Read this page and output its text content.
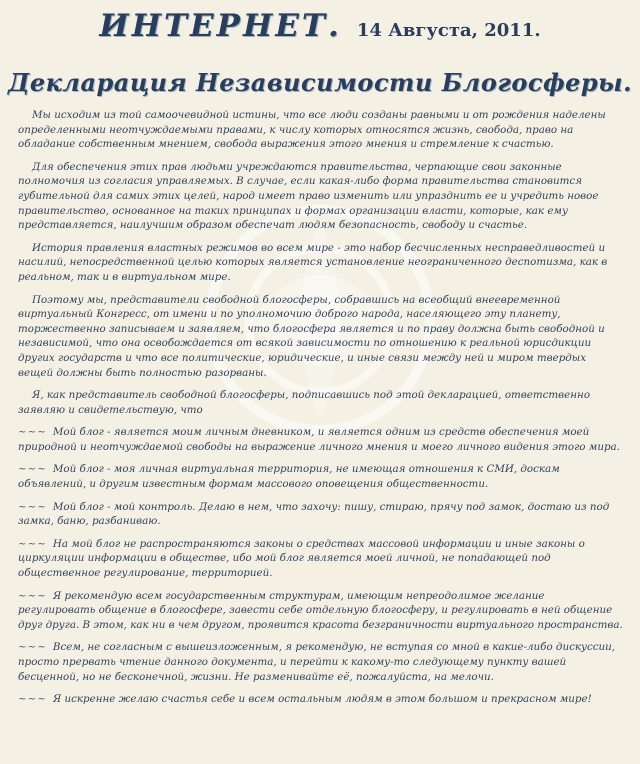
ИНТЕРНЕТ. 14 Августа, 2011.
Декларация Независимости Блогосферы.

Мы исходим из той самоочевидной истины, что все люди созданы равными и от рождения наделены определенными неотчуждаемыми правами, к числу которых относятся жизнь, свобода, право на обладание собственным мнением, свобода выражения этого мнения и стремление к счастью.

Для обеспечения этих прав людьми учреждаются правительства, черпающие свои законные полномочия из согласия управляемых. В случае, если какая-либо форма правительства становится губительной для самих этих целей, народ имеет право изменить или упразднить ее и учредить новое правительство, основанное на таких принципах и формах организации власти, которые, как ему представляется, наилучшим образом обеспечат людям безопасность, свободу и счастье.

История правления властных режимов во всем мире - это набор бесчисленных несправедливостей и насилий, непосредственной целью которых является установление неограниченного деспотизма, как в реальном, так и в виртуальном мире.

Поэтому мы, представители свободной блогосферы, собравшись на всеобщий внеевременной виртуальный Конгресс, от имени и по уполномочию доброго народа, населяющего эту планету, торжественно записываем и заявляем, что блогосфера является и по праву должна быть свободной и независимой, что она освобождается от всякой зависимости по отношению к реальной юрисдикции других государств и что все политические, юридические, и иные связи между ней и миром твердых вещей должны быть полностью разорваны.

Я, как представитель свободной блогосферы, подписавшись под этой декларацией, ответственно заявляю и свидетельствую, что

~~~ Мой блог - является моим личным дневником, и является одним из средств обеспечения моей природной и неотчуждаемой свободы на выражение личного мнения и моего личного видения этого мира.

~~~ Мой блог - моя личная виртуальная территория, не имеющая отношения к СМИ, доскам объявлений, и другим известным формам массового оповещения общественности.

~~~ Мой блог - мой контроль. Делаю в нем, что захочу: пишу, стираю, прячу под замок, достаю из под замка, баню, разбаниваю.

~~~ На мой блог не распространяются законы о средствах массовой информации и иные законы о циркуляции информации в обществе, ибо мой блог является моей личной, не попадающей под общественное регулирование, территорией.

~~~ Я рекомендую всем государственным структурам, имеющим непреодолимое желание регулировать общение в блогосфере, завести себе отдельную блогосферу, и регулировать в ней общение друг друга. В этом, как ни в чем другом, проявится красота безграничности виртуального пространства.

~~~ Всем, не согласным с вышеизложенным, я рекомендую, не вступая со мной в какие-либо дискуссии, просто прервать чтение данного документа, и перейти к какому-то следующему пункту вашей бесценной, но не бесконечной, жизни. Не разменивайте её, пожалуйста, на мелочи.

~~~ Я искренне желаю счастья себе и всем остальным людям в этом большом и прекрасном мире!
